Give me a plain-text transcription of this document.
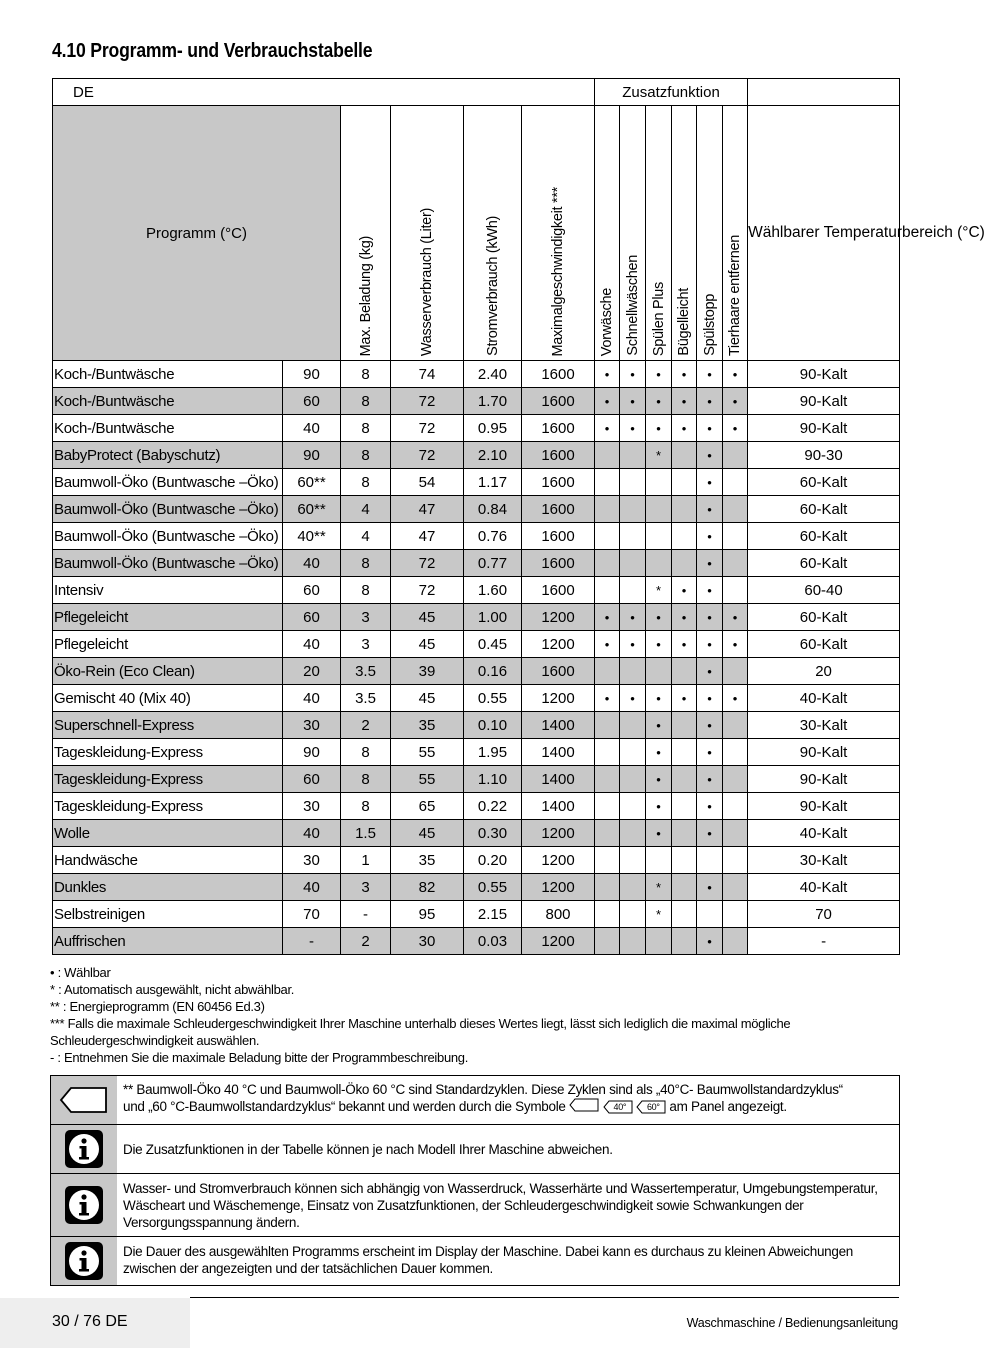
4.10 Programm- und Verbrauchstabelle
DE						Zusatzfunktion						
Programm (°C)		Max. Beladung (kg)	Wasserverbrauch (Liter)	Stromverbrauch (kWh)	Maximalgeschwindigkeit ***	Vorwäsche	Schnellwäschen	Spülen Plus	Bügelleicht	Spülstopp	Tierhaare entfernen	Wählbarer Temperaturbereich (°C)
Koch-/Buntwäsche	90	8	74	2.40	1600	•	•	•	•	•	•	90-Kalt
Koch-/Buntwäsche	60	8	72	1.70	1600	•	•	•	•	•	•	90-Kalt
Koch-/Buntwäsche	40	8	72	0.95	1600	•	•	•	•	•	•	90-Kalt
BabyProtect (Babyschutz)	90	8	72	2.10	1600			*		•		90-30
Baumwoll-Öko (Buntwasche –Öko)	60**	8	54	1.17	1600					•		60-Kalt
Baumwoll-Öko (Buntwasche –Öko)	60**	4	47	0.84	1600					•		60-Kalt
Baumwoll-Öko (Buntwasche –Öko)	40**	4	47	0.76	1600					•		60-Kalt
Baumwoll-Öko (Buntwasche –Öko)	40	8	72	0.77	1600					•		60-Kalt
Intensiv	60	8	72	1.60	1600			*	•	•		60-40
Pflegeleicht	60	3	45	1.00	1200	•	•	•	•	•	•	60-Kalt
Pflegeleicht	40	3	45	0.45	1200	•	•	•	•	•	•	60-Kalt
Öko-Rein (Eco Clean)	20	3.5	39	0.16	1600					•		20
Gemischt 40 (Mix 40)	40	3.5	45	0.55	1200	•	•	•	•	•	•	40-Kalt
Superschnell-Express	30	2	35	0.10	1400			•		•		30-Kalt
Tageskleidung-Express	90	8	55	1.95	1400			•		•		90-Kalt
Tageskleidung-Express	60	8	55	1.10	1400			•		•		90-Kalt
Tageskleidung-Express	30	8	65	0.22	1400			•		•		90-Kalt
Wolle	40	1.5	45	0.30	1200			•		•		40-Kalt
Handwäsche	30	1	35	0.20	1200							30-Kalt
Dunkles	40	3	82	0.55	1200			*		•		40-Kalt
Selbstreinigen	70	-	95	2.15	800			*				70
Auffrischen	-	2	30	0.03	1200					•		-
• : Wählbar
* : Automatisch ausgewählt, nicht abwählbar.
** : Energieprogramm (EN 60456 Ed.3)
*** Falls die maximale Schleudergeschwindigkeit Ihrer Maschine unterhalb dieses Wertes liegt, lässt sich lediglich die maximal mögliche
Schleudergeschwindigkeit auswählen.
- : Entnehmen Sie die maximale Beladung bitte der Programmbeschreibung.
** Baumwoll-Öko 40 °C und Baumwoll-Öko 60 °C sind Standardzyklen. Diese Zyklen sind als „40°C- Baumwollstandardzyklus“
und „60 °C-Baumwollstandardzyklus“ bekannt und werden durch die Symbole	40°
60° am Panel angezeigt.
Die Zusatzfunktionen in der Tabelle können je nach Modell Ihrer Maschine abweichen.
Wasser- und Stromverbrauch können sich abhängig von Wasserdruck, Wasserhärte und Wassertemperatur, Umgebungstemperatur, Wäscheart und Wäschemenge, Einsatz von Zusatzfunktionen, der Schleudergeschwindigkeit sowie Schwankungen der Versorgungsspannung ändern.
Die Dauer des ausgewählten Programms erscheint im Display der Maschine. Dabei kann es durchaus zu kleinen Abweichungen zwischen der angezeigten und der tatsächlichen Dauer kommen.
30 / 76 DE	Waschmaschine / Bedienungsanleitung
